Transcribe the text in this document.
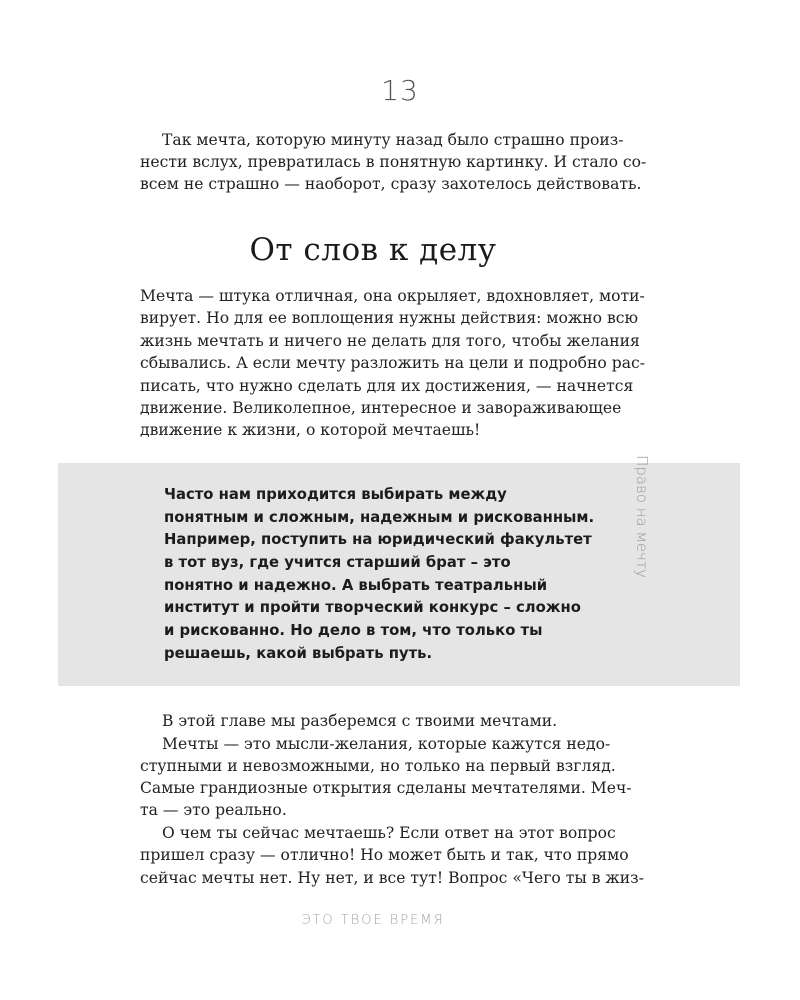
13
Так мечта, которую минуту назад было страшно произ-
нести вслух, превратилась в понятную картинку. И стало со-
всем не страшно — наоборот, сразу захотелось действовать.
От слов к делу
Мечта — штука отличная, она окрыляет, вдохновляет, моти-
вирует. Но для ее воплощения нужны действия: можно всю
жизнь мечтать и ничего не делать для того, чтобы желания
сбывались. А если мечту разложить на цели и подробно рас-
писать, что нужно сделать для их достижения, — начнется
движение. Великолепное, интересное и завораживающее
движение к жизни, о которой мечтаешь!
Часто нам приходится выбирать между
понятным и сложным, надежным и рискованным.
Например, поступить на юридический факультет
в тот вуз, где учится старший брат – это
понятно и надежно. А выбрать театральный
институт и пройти творческий конкурс – сложно
и рискованно. Но дело в том, что только ты
решаешь, какой выбрать путь.
Право на мечту
В этой главе мы разберемся с твоими мечтами.
Мечты — это мысли-желания, которые кажутся недо-
ступными и невозможными, но только на первый взгляд.
Самые грандиозные открытия сделаны мечтателями. Меч-
та — это реально.
О чем ты сейчас мечтаешь? Если ответ на этот вопрос
пришел сразу — отлично! Но может быть и так, что прямо
сейчас мечты нет. Ну нет, и все тут! Вопрос «Чего ты в жиз-
ЭТО ТВОЕ ВРЕМЯ
